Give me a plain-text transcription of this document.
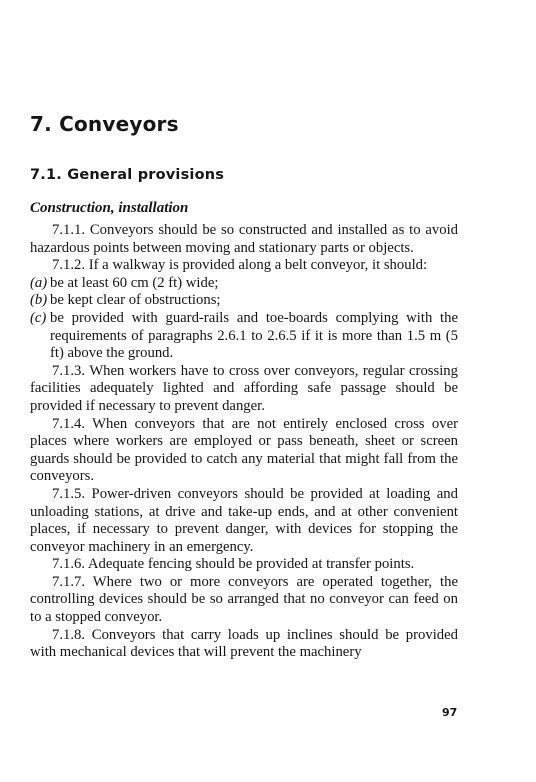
7. Conveyors
7.1. General provisions
Construction, installation

7.1.1. Conveyors should be so constructed and installed as to avoid hazardous points between moving and stationary parts or objects.

7.1.2. If a walkway is provided along a belt conveyor, it should:

(a) be at least 60 cm (2 ft) wide;

(b) be kept clear of obstructions;

(c) be provided with guard-rails and toe-boards complying with the requirements of paragraphs 2.6.1 to 2.6.5 if it is more than 1.5 m (5 ft) above the ground.

7.1.3. When workers have to cross over conveyors, regular crossing facilities adequately lighted and affording safe passage should be provided if necessary to prevent danger.

7.1.4. When conveyors that are not entirely enclosed cross over places where workers are employed or pass beneath, sheet or screen guards should be provided to catch any material that might fall from the conveyors.

7.1.5. Power-driven conveyors should be provided at loading and unloading stations, at drive and take-up ends, and at other convenient places, if necessary to prevent danger, with devices for stopping the conveyor machinery in an emergency.

7.1.6. Adequate fencing should be provided at transfer points.

7.1.7. Where two or more conveyors are operated together, the controlling devices should be so arranged that no conveyor can feed on to a stopped conveyor.

7.1.8. Conveyors that carry loads up inclines should be provided with mechanical devices that will prevent the machinery

97
